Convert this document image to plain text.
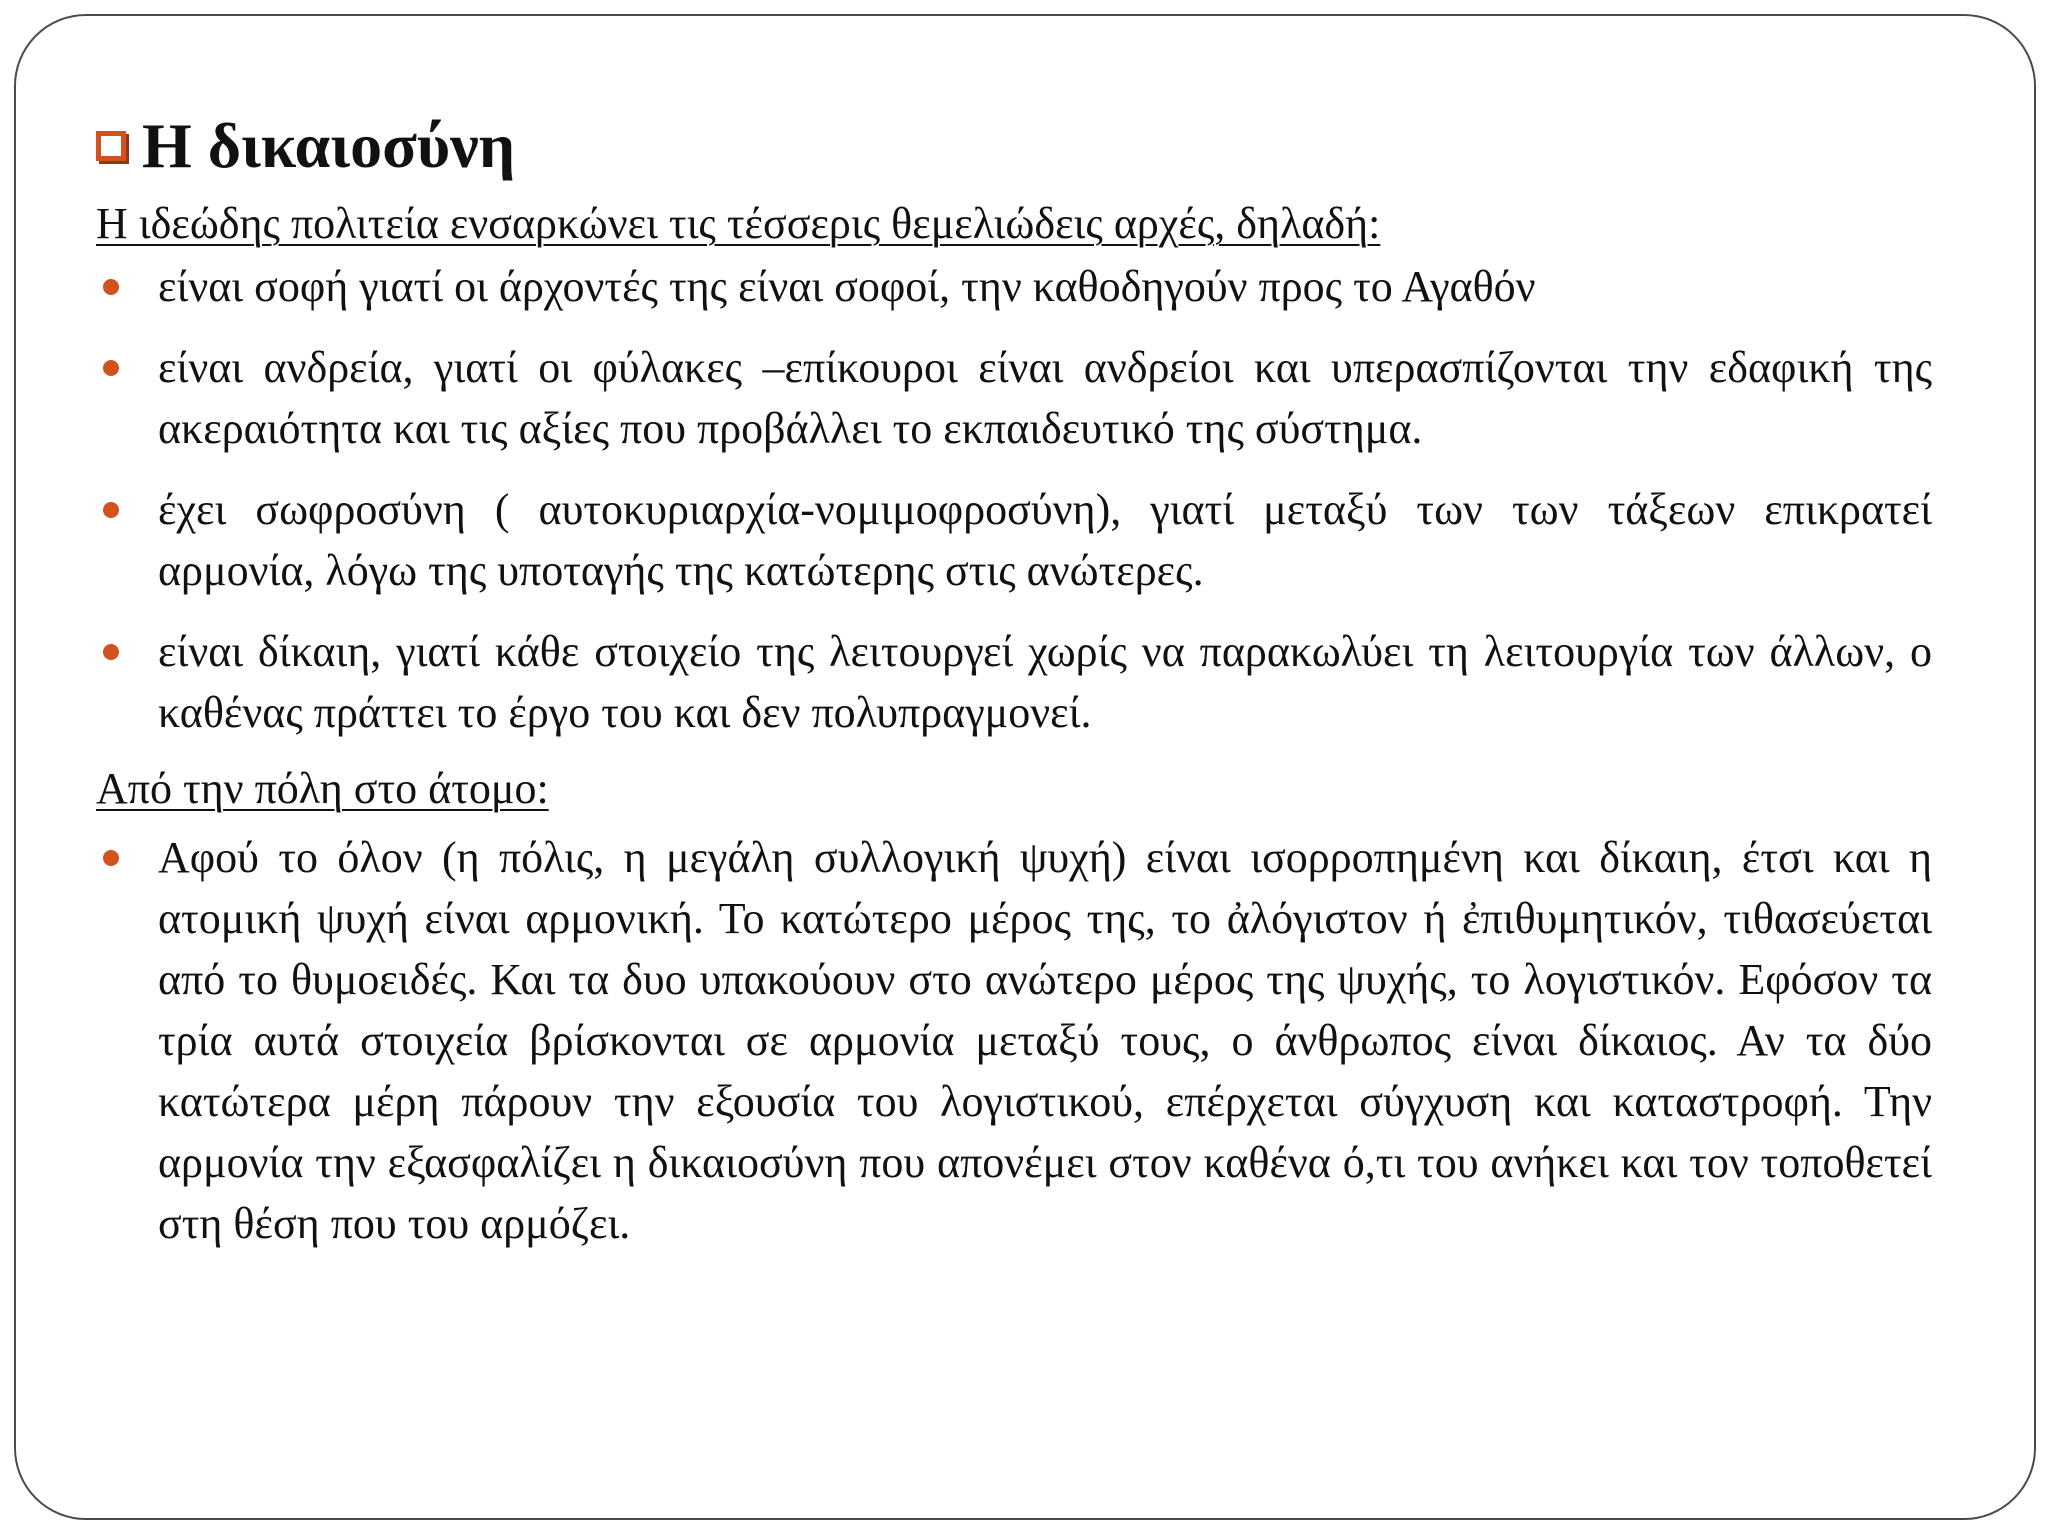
Η δικαιοσύνη

Η ιδεώδης πολιτεία ενσαρκώνει τις τέσσερις θεμελιώδεις αρχές, δηλαδή:

είναι σοφή γιατί οι άρχοντές της είναι σοφοί, την καθοδηγούν προς το Αγαθόν
είναι ανδρεία, γιατί οι φύλακες –επίκουροι είναι ανδρείοι και υπερασπίζονται την εδαφική της ακεραιότητα και τις αξίες που προβάλλει το εκπαιδευτικό της σύστημα.
έχει σωφροσύνη ( αυτοκυριαρχία-νομιμοφροσύνη), γιατί μεταξύ των των τάξεων επικρατεί αρμονία, λόγω της υποταγής της κατώτερης στις ανώτερες.
είναι δίκαιη, γιατί κάθε στοιχείο της λειτουργεί χωρίς να παρακωλύει τη λειτουργία των άλλων, ο καθένας πράττει το έργο του και δεν πολυπραγμονεί.

Από την πόλη στο άτομο:

Αφού το όλον (η πόλις, η μεγάλη συλλογική ψυχή) είναι ισορροπημένη και δίκαιη, έτσι και η ατομική ψυχή είναι αρμονική. Το κατώτερο μέρος της, το ἀλόγιστον ή ἐπιθυμητικόν, τιθασεύεται από το θυμοειδές. Και τα δυο υπακούουν στο ανώτερο μέρος της ψυχής, το λογιστικόν. Εφόσον τα τρία αυτά στοιχεία βρίσκονται σε αρμονία μεταξύ τους, ο άνθρωπος είναι δίκαιος. Αν τα δύο κατώτερα μέρη πάρουν την εξουσία του λογιστικού, επέρχεται σύγχυση και καταστροφή. Την αρμονία την εξασφαλίζει η δικαιοσύνη που απονέμει στον καθένα ό,τι του ανήκει και τον τοποθετεί στη θέση που του αρμόζει.
